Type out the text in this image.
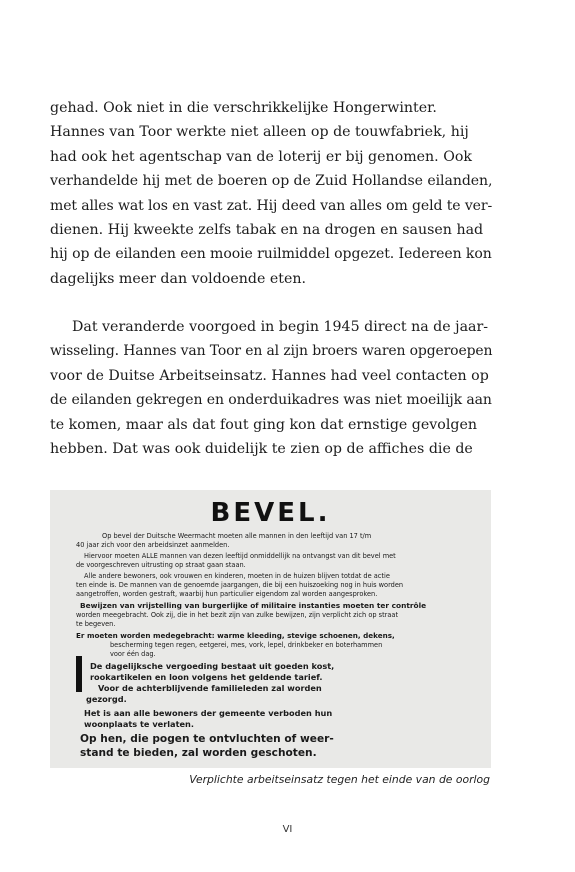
gehad. Ook niet in die verschrikkelijke Hongerwinter.
Hannes van Toor werkte niet alleen op de touwfabriek, hij
had ook het agentschap van de loterij er bij genomen. Ook
verhandelde hij met de boeren op de Zuid Hollandse eilanden,
met alles wat los en vast zat. Hij deed van alles om geld te ver-
dienen. Hij kweekte zelfs tabak en na drogen en sausen had
hij op de eilanden een mooie ruilmiddel opgezet. Iedereen kon
dagelijks meer dan voldoende eten.
Dat veranderde voorgoed in begin 1945 direct na de jaar-
wisseling. Hannes van Toor en al zijn broers waren opgeroepen
voor de Duitse Arbeitseinsatz. Hannes had veel contacten op
de eilanden gekregen en onderduikadres was niet moeilijk aan
te komen, maar als dat fout ging kon dat ernstige gevolgen
hebben. Dat was ook duidelijk te zien op de affiches die de
BEVEL.
Op bevel der Duitsche Weermacht moeten alle mannen in den leeftijd van 17 t/m
40 jaar zich voor den arbeidsinzet aanmelden.
Hiervoor moeten ALLE mannen van dezen leeftijd onmiddellijk na ontvangst van dit bevel met
de voorgeschreven uitrusting op straat gaan staan.
Alle andere bewoners, ook vrouwen en kinderen, moeten in de huizen blijven totdat de actie
ten einde is. De mannen van de genoemde jaargangen, die bij een huiszoeking nog in huis worden
aangetroffen, worden gestraft, waarbij hun particulier eigendom zal worden aangesproken.
Bewijzen van vrijstelling van burgerlijke of militaire instanties moeten ter contrôle
worden meegebracht. Ook zij, die in het bezit zijn van zulke bewijzen, zijn verplicht zich op straat
te begeven.
Er moeten worden medegebracht: warme kleeding, stevige schoenen, dekens,
bescherming tegen regen, eetgerei, mes, vork, lepel, drinkbeker en boterhammen
voor één dag.
De dagelijksche vergoeding bestaat uit goeden kost,
rookartikelen en loon volgens het geldende tarief.
Voor de achterblijvende familieleden zal worden
gezorgd.
Het is aan alle bewoners der gemeente verboden hun
woonplaats te verlaten.
Op hen, die pogen te ontvluchten of weer-
stand te bieden, zal worden geschoten.
Verplichte arbeitseinsatz tegen het einde van de oorlog
VI
